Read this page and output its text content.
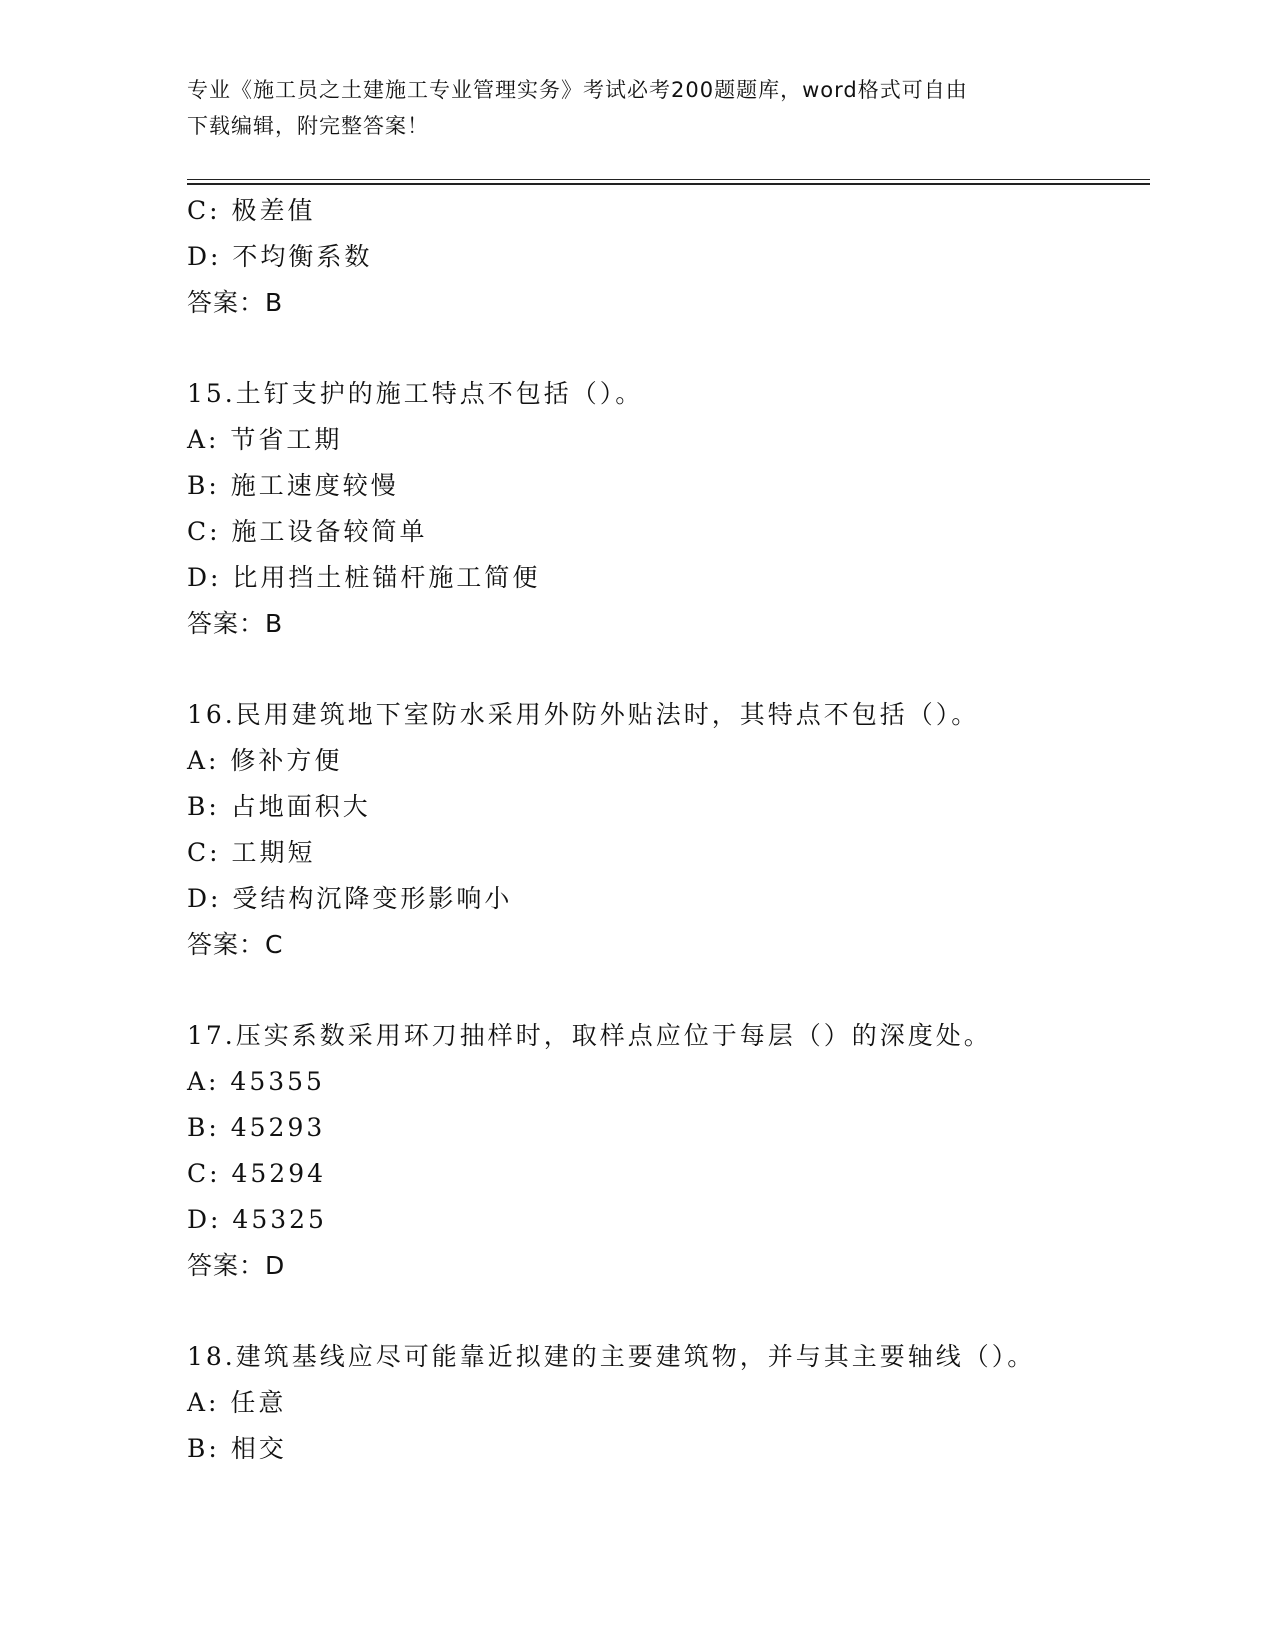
专业《施工员之土建施工专业管理实务》考试必考200题题库，word格式可自由
下载编辑，附完整答案！
C: 极差值
D: 不均衡系数
答案：B
15.土钉支护的施工特点不包括（）。
A: 节省工期
B: 施工速度较慢
C: 施工设备较简单
D: 比用挡土桩锚杆施工简便
答案：B
16.民用建筑地下室防水采用外防外贴法时，其特点不包括（）。
A: 修补方便
B: 占地面积大
C: 工期短
D: 受结构沉降变形影响小
答案：C
17.压实系数采用环刀抽样时，取样点应位于每层（）的深度处。
A: 45355
B: 45293
C: 45294
D: 45325
答案：D
18.建筑基线应尽可能靠近拟建的主要建筑物，并与其主要轴线（）。
A: 任意
B: 相交
